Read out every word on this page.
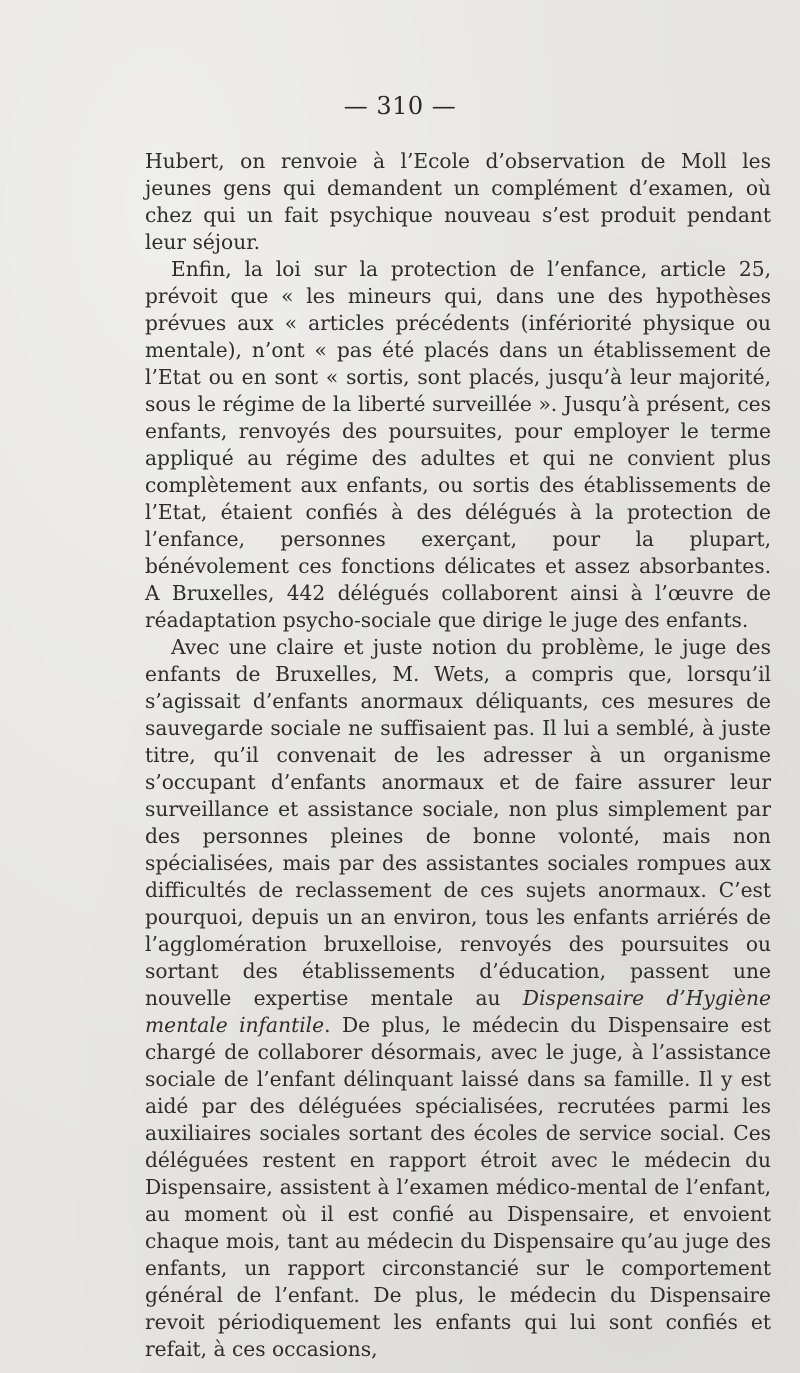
— 310 —

Hubert, on renvoie à l’Ecole d’observation de Moll les jeunes gens qui demandent un complément d’examen, où chez qui un fait psychique nouveau s’est produit pendant leur séjour.

Enfin, la loi sur la protection de l’enfance, article 25, prévoit que « les mineurs qui, dans une des hypothèses prévues aux « articles précédents (infériorité physique ou mentale), n’ont « pas été placés dans un établissement de l’Etat ou en sont « sortis, sont placés, jusqu’à leur majorité, sous le régime de la liberté surveillée ». Jusqu’à présent, ces enfants, renvoyés des poursuites, pour employer le terme appliqué au régime des adultes et qui ne convient plus complètement aux enfants, ou sortis des établissements de l’Etat, étaient confiés à des délégués à la protection de l’enfance, personnes exerçant, pour la plupart, bénévolement ces fonctions délicates et assez absorbantes. A Bruxelles, 442 délégués collaborent ainsi à l’œuvre de réadaptation psycho-sociale que dirige le juge des enfants.

Avec une claire et juste notion du problème, le juge des enfants de Bruxelles, M. Wets, a compris que, lorsqu’il s’agissait d’enfants anormaux déliquants, ces mesures de sauvegarde sociale ne suffisaient pas. Il lui a semblé, à juste titre, qu’il convenait de les adresser à un organisme s’occupant d’enfants anormaux et de faire assurer leur surveillance et assistance sociale, non plus simplement par des personnes pleines de bonne volonté, mais non spécialisées, mais par des assistantes sociales rompues aux difficultés de reclassement de ces sujets anormaux. C’est pourquoi, depuis un an environ, tous les enfants arriérés de l’agglomération bruxelloise, renvoyés des poursuites ou sortant des établissements d’éducation, passent une nouvelle expertise mentale au Dispensaire d’Hygiène mentale infantile. De plus, le médecin du Dispensaire est chargé de collaborer désormais, avec le juge, à l’assistance sociale de l’enfant délinquant laissé dans sa famille. Il y est aidé par des déléguées spécialisées, recrutées parmi les auxiliaires sociales sortant des écoles de service social. Ces déléguées restent en rapport étroit avec le médecin du Dispensaire, assistent à l’examen médico-mental de l’enfant, au moment où il est confié au Dispensaire, et envoient chaque mois, tant au médecin du Dispensaire qu’au juge des enfants, un rapport circonstancié sur le comportement général de l’enfant. De plus, le médecin du Dispensaire revoit périodiquement les enfants qui lui sont confiés et refait, à ces occasions,
